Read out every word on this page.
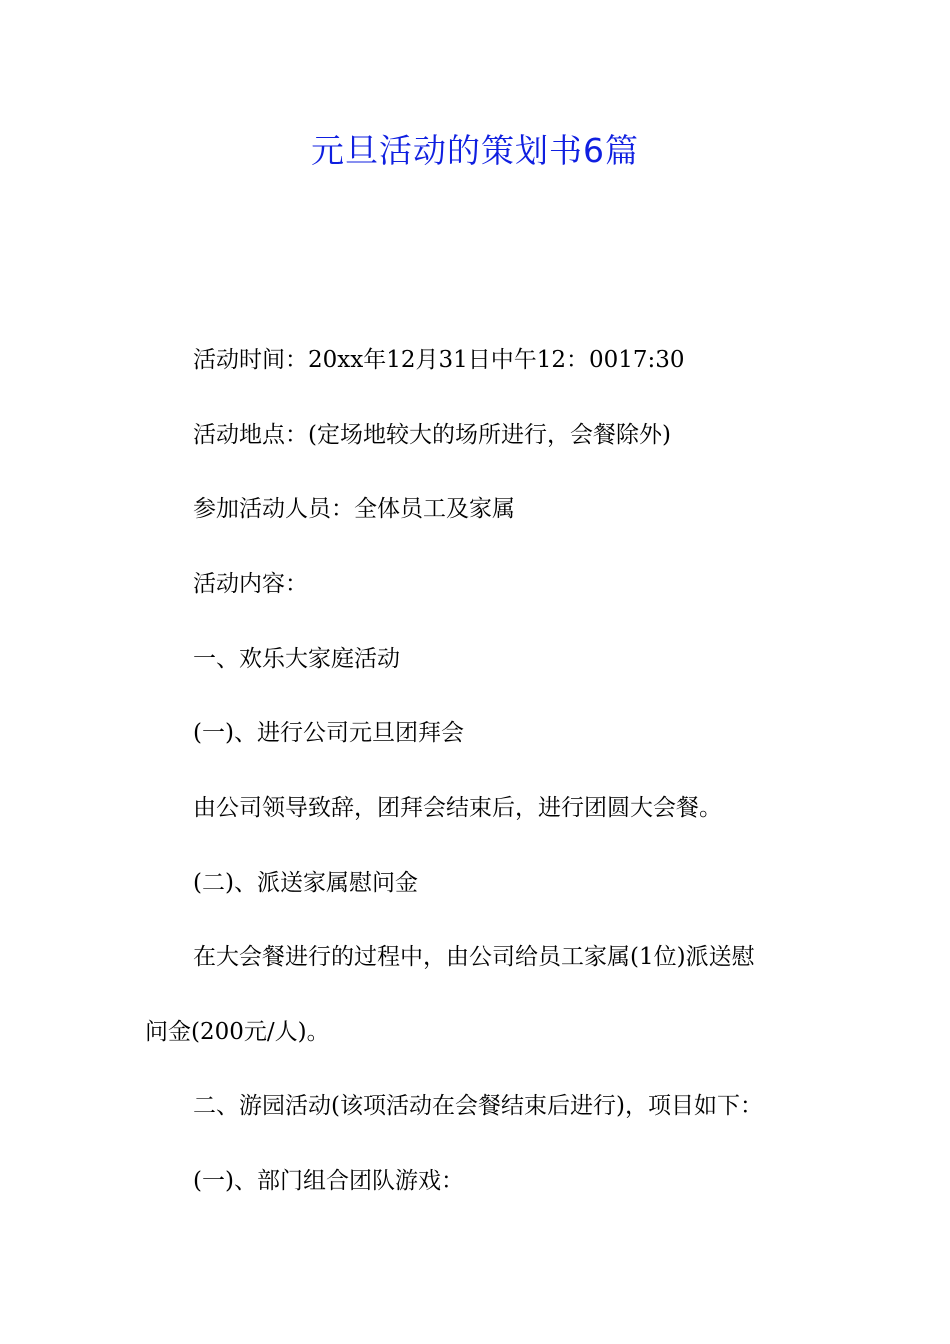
元旦活动的策划书6篇
活动时间：20xx年12月31日中午12：0017:30
活动地点：(定场地较大的场所进行，会餐除外)
参加活动人员：全体员工及家属
活动内容：
一、欢乐大家庭活动
(一)、进行公司元旦团拜会
由公司领导致辞，团拜会结束后，进行团圆大会餐。
(二)、派送家属慰问金
在大会餐进行的过程中，由公司给员工家属(1位)派送慰
问金(200元/人)。
二、游园活动(该项活动在会餐结束后进行)，项目如下：
(一)、部门组合团队游戏：
